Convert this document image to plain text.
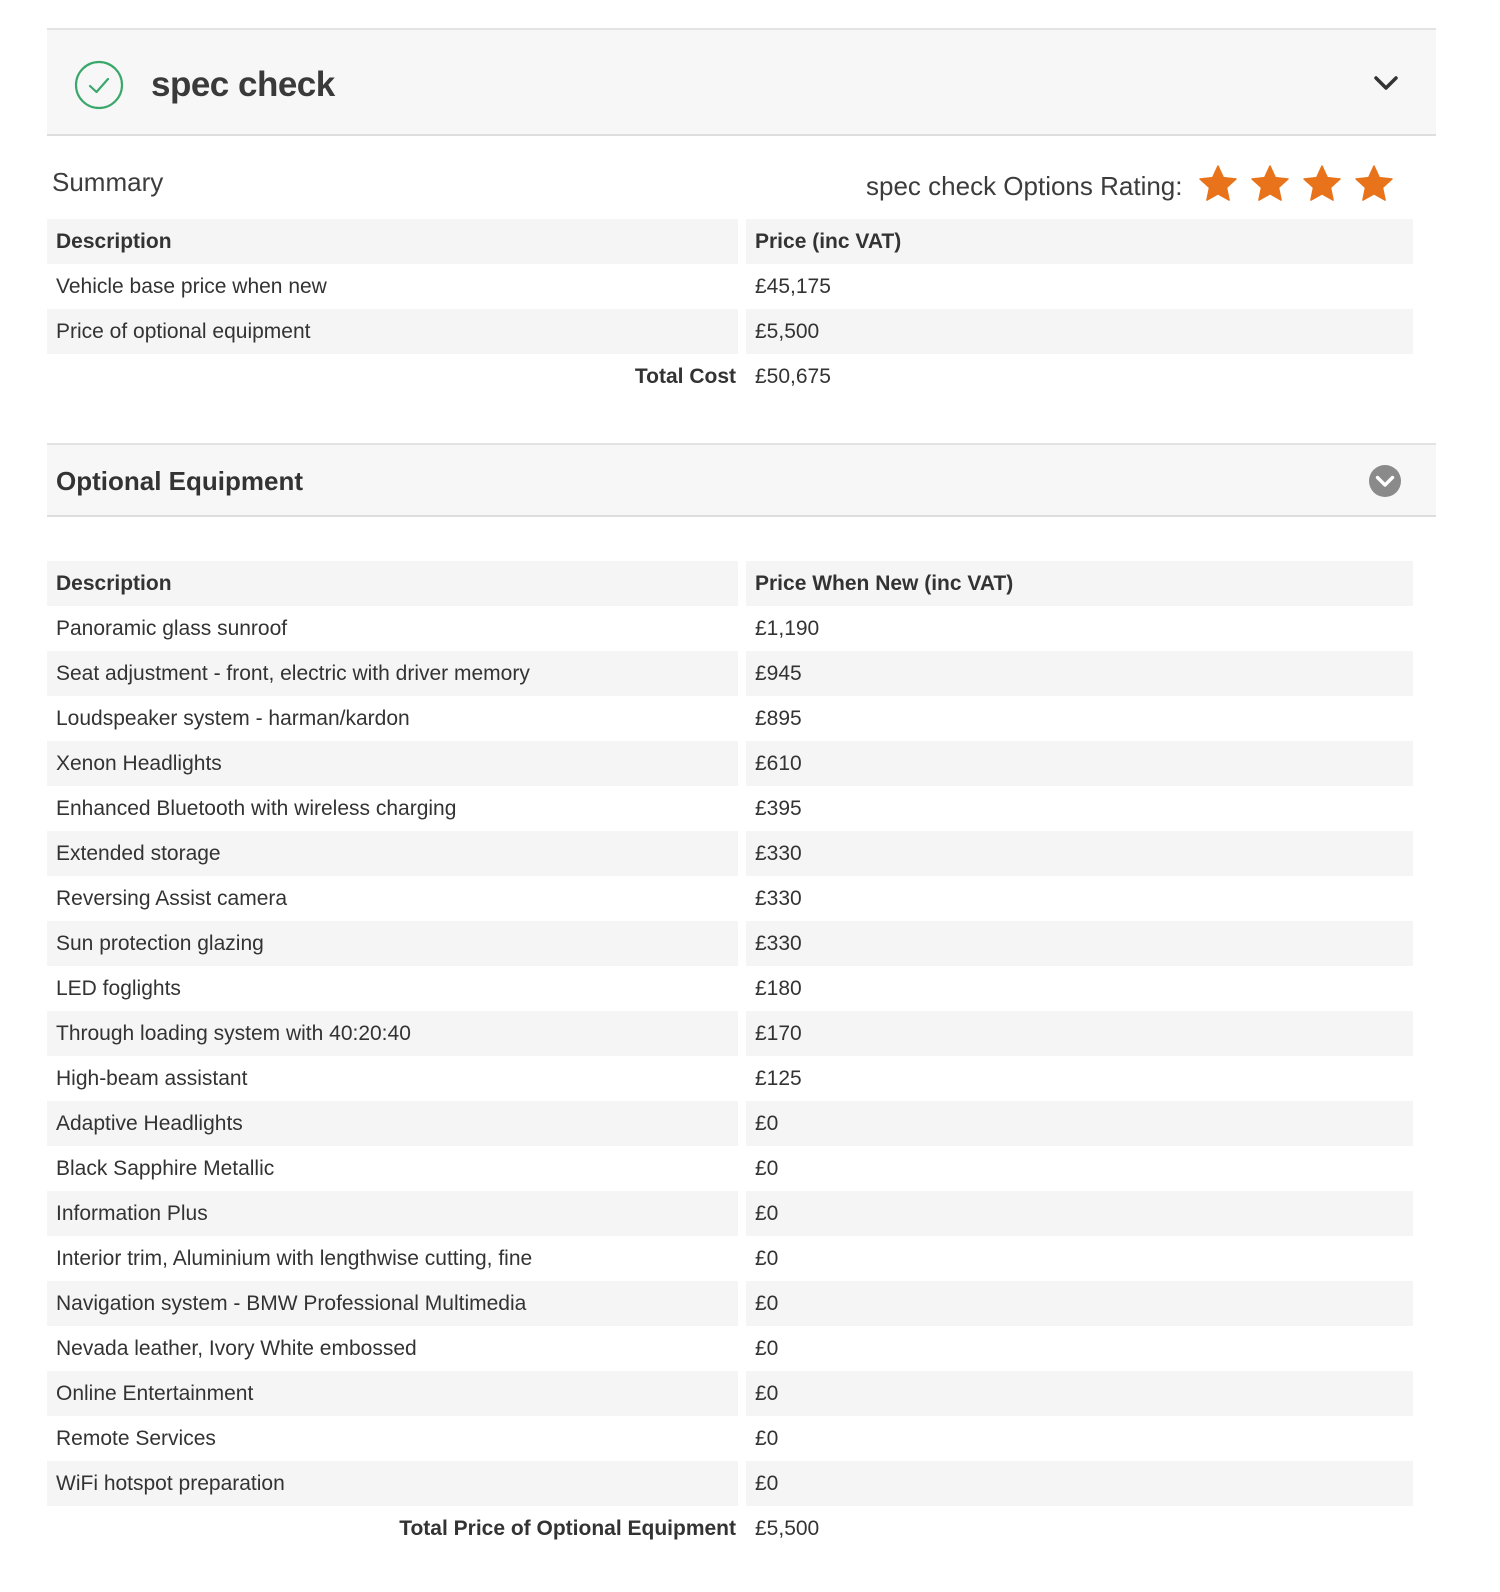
spec check
Summary	spec check Options Rating:
Description	Price (inc VAT)
Vehicle base price when new	£45,175
Price of optional equipment	£5,500
Total Cost	£50,675
Optional Equipment
Description	Price When New (inc VAT)
Panoramic glass sunroof	£1,190
Seat adjustment - front, electric with driver memory	£945
Loudspeaker system - harman/kardon	£895
Xenon Headlights	£610
Enhanced Bluetooth with wireless charging	£395
Extended storage	£330
Reversing Assist camera	£330
Sun protection glazing	£330
LED foglights	£180
Through loading system with 40:20:40	£170
High-beam assistant	£125
Adaptive Headlights	£0
Black Sapphire Metallic	£0
Information Plus	£0
Interior trim, Aluminium with lengthwise cutting, fine	£0
Navigation system - BMW Professional Multimedia	£0
Nevada leather, Ivory White embossed	£0
Online Entertainment	£0
Remote Services	£0
WiFi hotspot preparation	£0
Total Price of Optional Equipment	£5,500
